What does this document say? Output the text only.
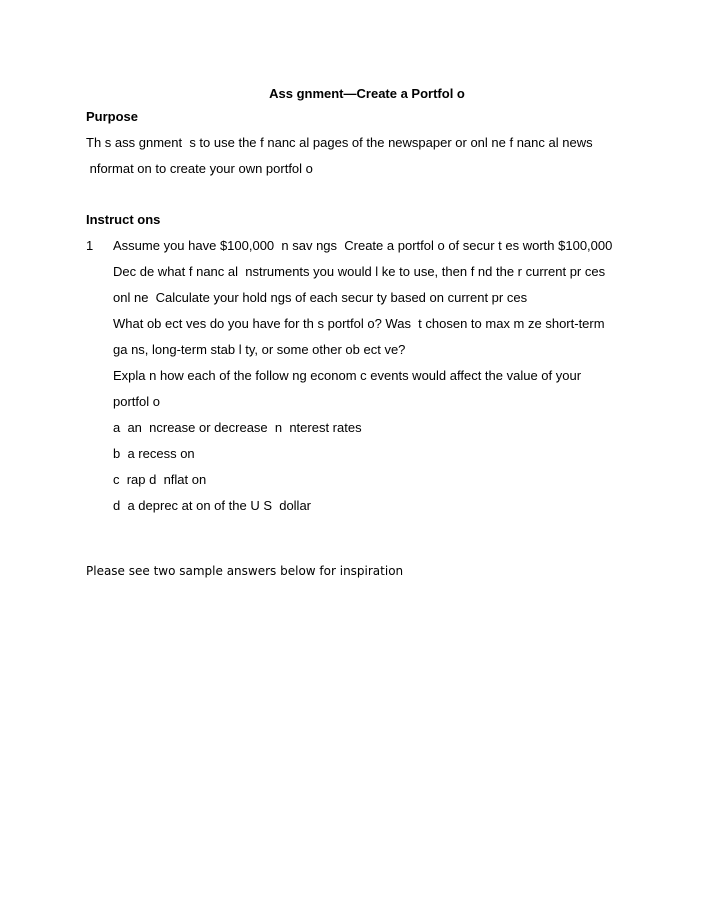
Ass gnment—Create a Portfol o
Purpose
Th s ass gnment  s to use the f nanc al pages of the newspaper or onl ne f nanc al news
nformat on to create your own portfol o
Instruct ons
1 Assume you have $100,000  n sav ngs  Create a portfol o of secur t es worth $100,000
Dec de what f nanc al  nstruments you would l ke to use, then f nd the r current pr ces
onl ne  Calculate your hold ngs of each secur ty based on current pr ces
What ob ect ves do you have for th s portfol o? Was  t chosen to max m ze short-term
ga ns, long-term stab l ty, or some other ob ect ve?
Expla n how each of the follow ng econom c events would affect the value of your
portfol o
a  an  ncrease or decrease  n  nterest rates
b  a recess on
c  rap d  nflat on
d  a deprec at on of the U S  dollar
Please see two sample answers below for inspiration
